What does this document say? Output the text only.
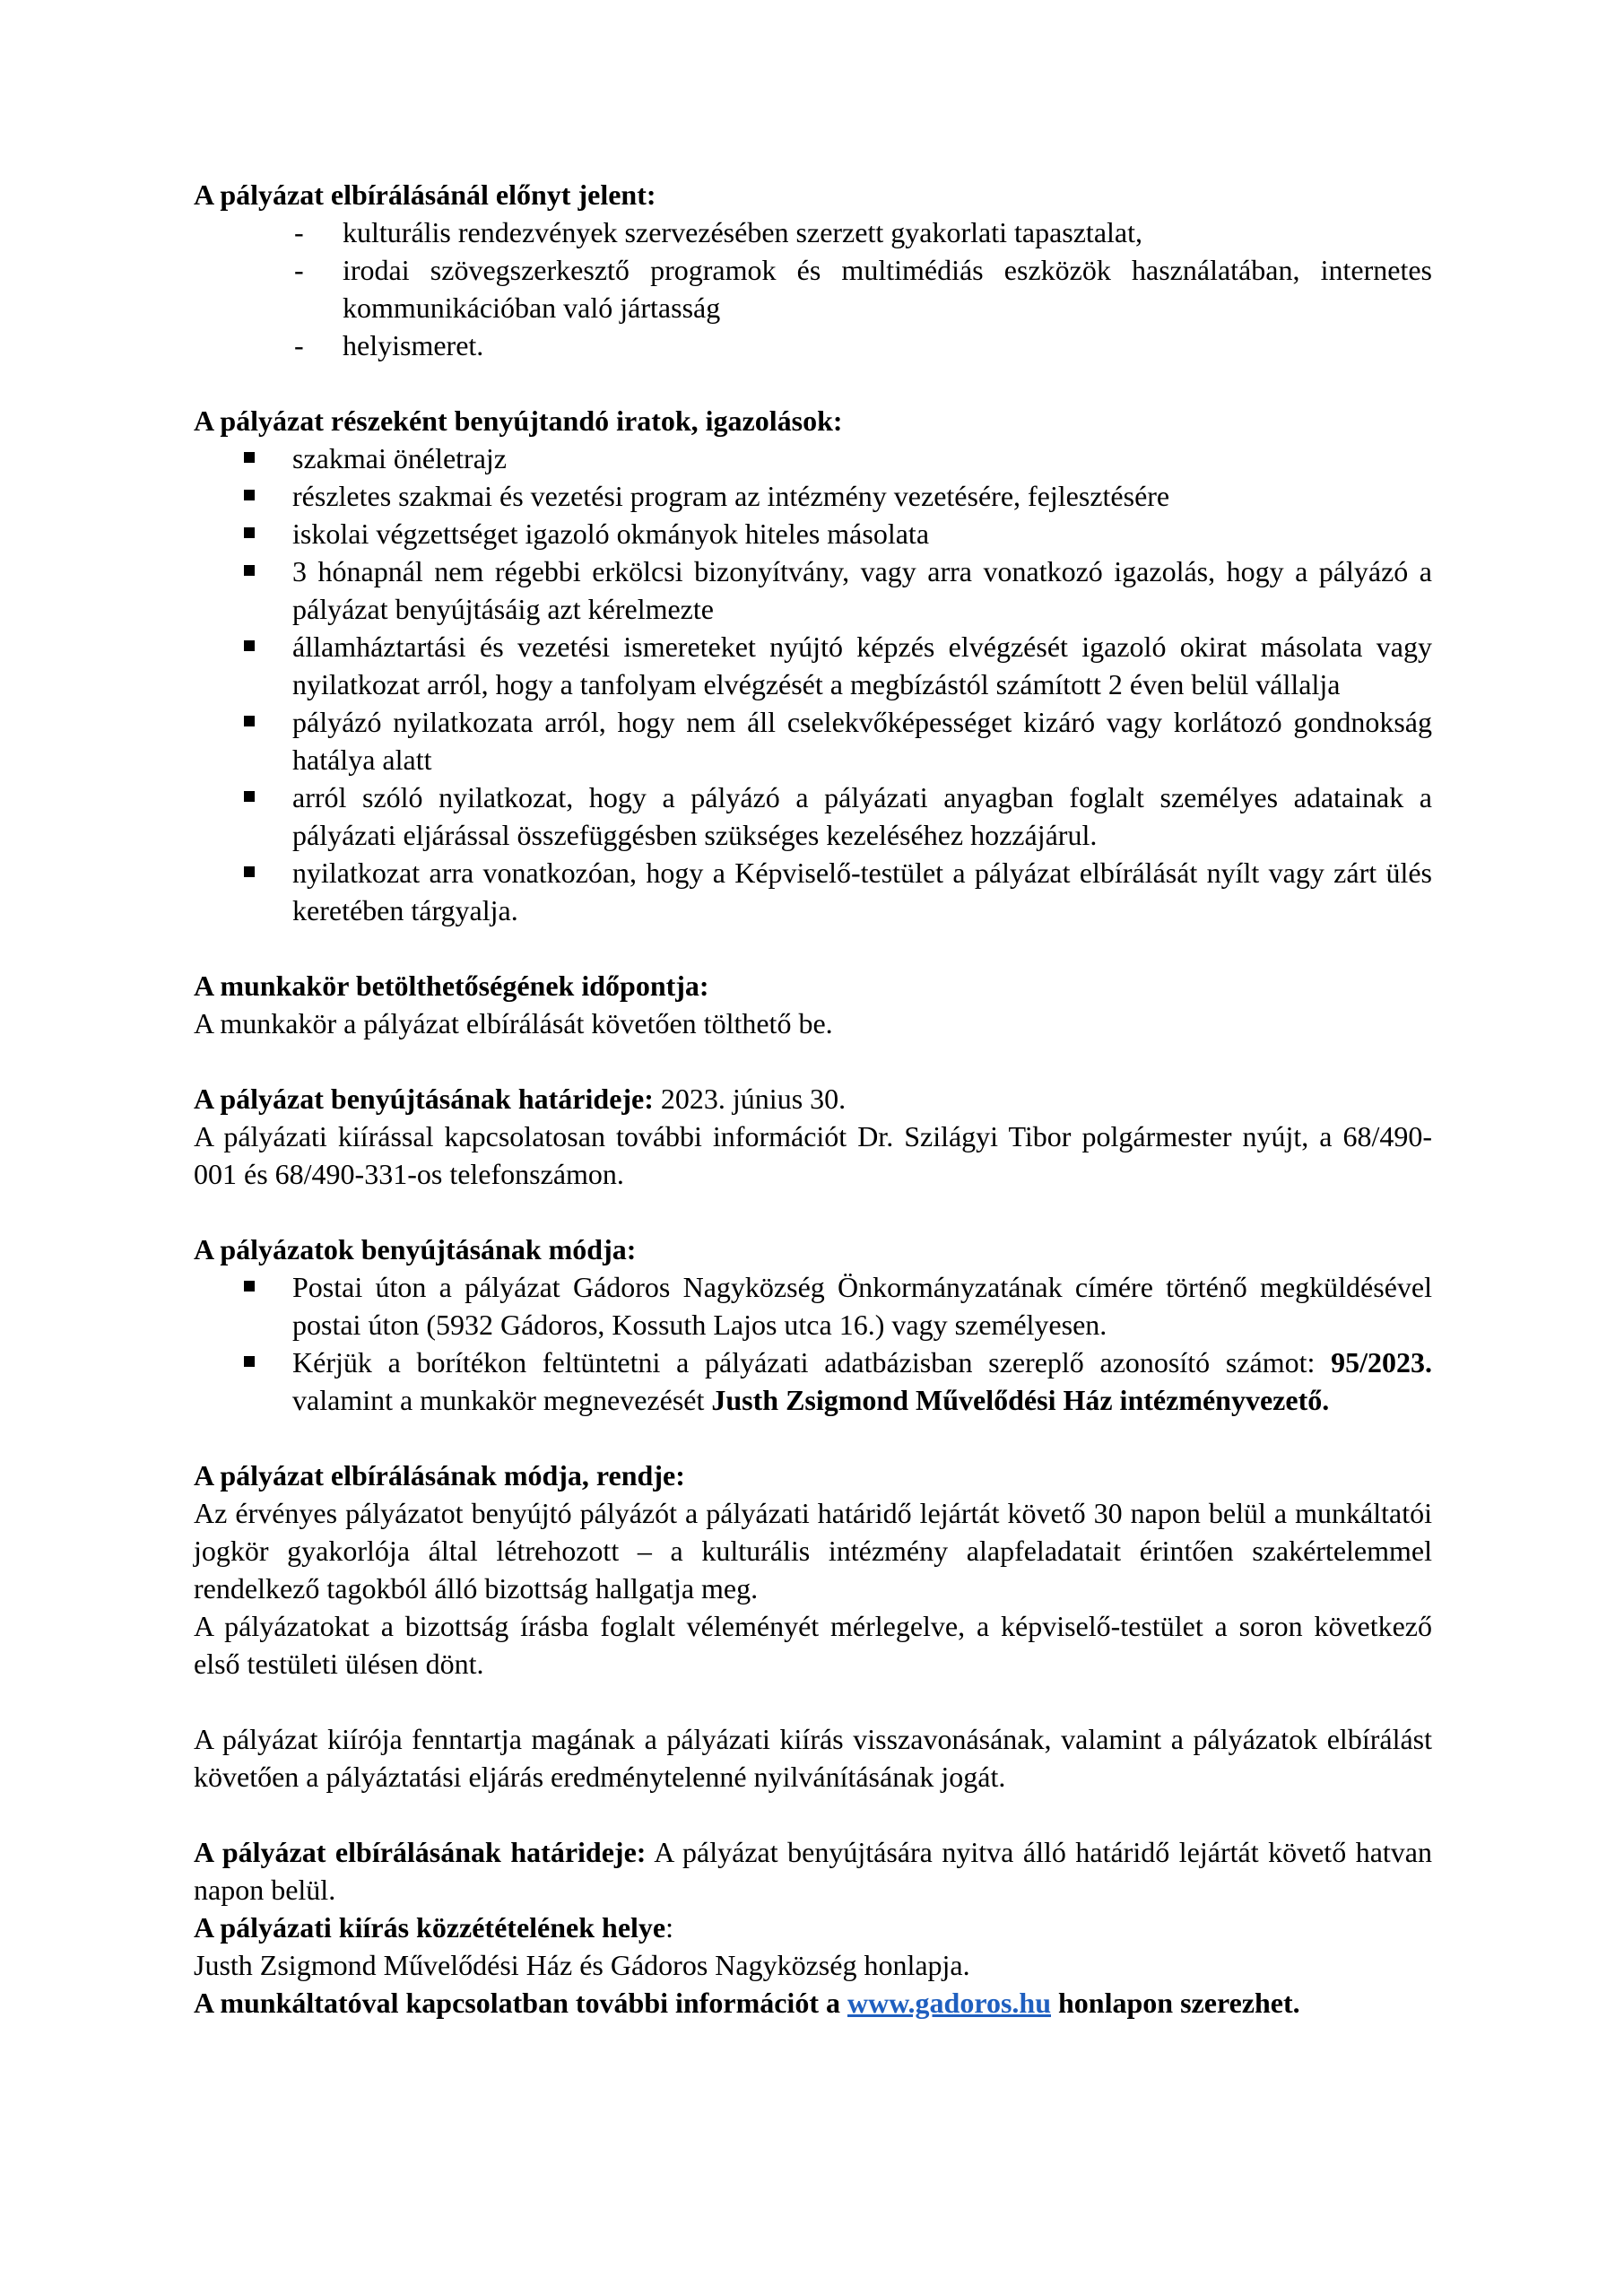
A pályázat elbírálásánál előnyt jelent:

- kulturális rendezvények szervezésében szerzett gyakorlati tapasztalat,
- irodai szövegszerkesztő programok és multimédiás eszközök használatában, internetes kommunikációban való jártasság
- helyismeret.

A pályázat részeként benyújtandó iratok, igazolások:

szakmai önéletrajz
részletes szakmai és vezetési program az intézmény vezetésére, fejlesztésére
iskolai végzettséget igazoló okmányok hiteles másolata
3 hónapnál nem régebbi erkölcsi bizonyítvány, vagy arra vonatkozó igazolás, hogy a pályázó a pályázat benyújtásáig azt kérelmezte
államháztartási és vezetési ismereteket nyújtó képzés elvégzését igazoló okirat másolata vagy nyilatkozat arról, hogy a tanfolyam elvégzését a megbízástól számított 2 éven belül vállalja
pályázó nyilatkozata arról, hogy nem áll cselekvőképességet kizáró vagy korlátozó gondnokság hatálya alatt
arról szóló nyilatkozat, hogy a pályázó a pályázati anyagban foglalt személyes adatainak a pályázati eljárással összefüggésben szükséges kezeléséhez hozzájárul.
nyilatkozat arra vonatkozóan, hogy a Képviselő-testület a pályázat elbírálását nyílt vagy zárt ülés keretében tárgyalja.

A munkakör betölthetőségének időpontja:

A munkakör a pályázat elbírálását követően tölthető be.

A pályázat benyújtásának határideje: 2023. június 30.

A pályázati kiírással kapcsolatosan további információt Dr. Szilágyi Tibor polgármester nyújt, a 68/490-001 és 68/490-331-os telefonszámon.

A pályázatok benyújtásának módja:

Postai úton a pályázat Gádoros Nagyközség Önkormányzatának címére történő megküldésével postai úton (5932 Gádoros, Kossuth Lajos utca 16.) vagy személyesen.
Kérjük a borítékon feltüntetni a pályázati adatbázisban szereplő azonosító számot: 95/2023. valamint a munkakör megnevezését Justh Zsigmond Művelődési Ház intézményvezető.

A pályázat elbírálásának módja, rendje:

Az érvényes pályázatot benyújtó pályázót a pályázati határidő lejártát követő 30 napon belül a munkáltatói jogkör gyakorlója által létrehozott – a kulturális intézmény alapfeladatait érintően szakértelemmel rendelkező tagokból álló bizottság hallgatja meg.

A pályázatokat a bizottság írásba foglalt véleményét mérlegelve, a képviselő-testület a soron következő első testületi ülésen dönt.

A pályázat kiírója fenntartja magának a pályázati kiírás visszavonásának, valamint a pályázatok elbírálást követően a pályáztatási eljárás eredménytelenné nyilvánításának jogát.

A pályázat elbírálásának határideje: A pályázat benyújtására nyitva álló határidő lejártát követő hatvan napon belül.

A pályázati kiírás közzétételének helye:

Justh Zsigmond Művelődési Ház és Gádoros Nagyközség honlapja.

A munkáltatóval kapcsolatban további információt a www.gadoros.hu honlapon szerezhet.
